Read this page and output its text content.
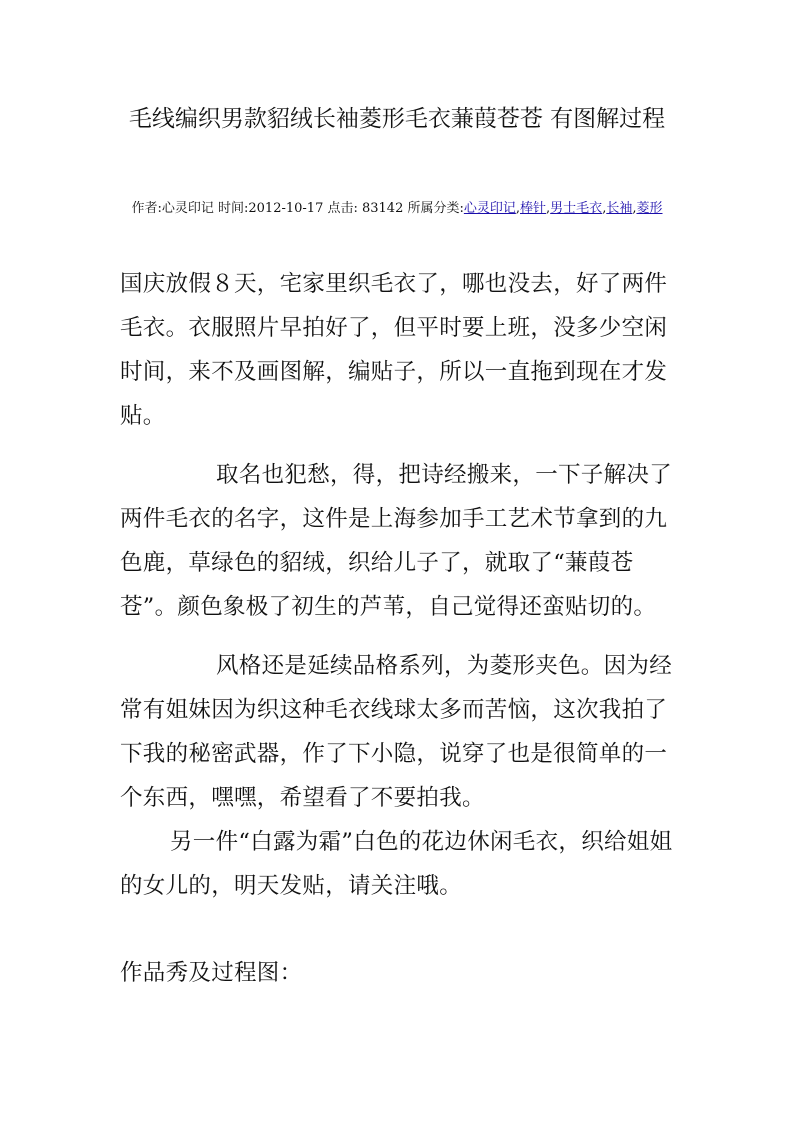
毛线编织男款貂绒长袖菱形毛衣蒹葭苍苍 有图解过程
作者:心灵印记 时间:2012-10-17 点击: 83142 所属分类:心灵印记,棒针,男士毛衣,长袖,菱形

国庆放假８天，宅家里织毛衣了，哪也没去，好了两件毛衣。衣服照片早拍好了，但平时要上班，没多少空闲时间，来不及画图解，编贴子，所以一直拖到现在才发贴。

取名也犯愁，得，把诗经搬来，一下子解决了两件毛衣的名字，这件是上海参加手工艺术节拿到的九色鹿，草绿色的貂绒，织给儿子了，就取了“蒹葭苍苍”。颜色象极了初生的芦苇，自己觉得还蛮贴切的。

风格还是延续品格系列，为菱形夹色。因为经常有姐妹因为织这种毛衣线球太多而苦恼，这次我拍了下我的秘密武器，作了下小隐，说穿了也是很简单的一个东西，嘿嘿，希望看了不要拍我。

另一件“白露为霜”白色的花边休闲毛衣，织给姐姐的女儿的，明天发贴，请关注哦。

作品秀及过程图：
